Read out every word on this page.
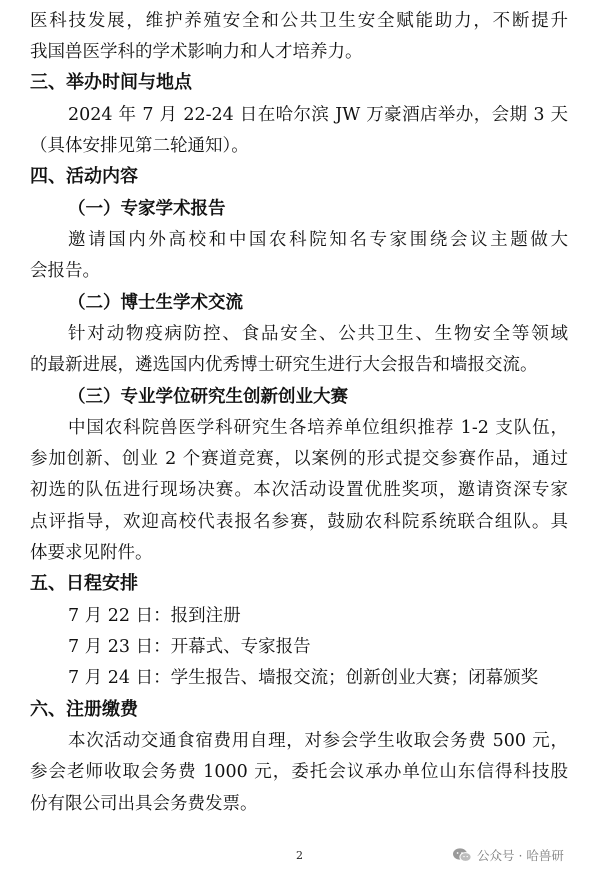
医科技发展，维护养殖安全和公共卫生安全赋能助力，不断提升
我国兽医学科的学术影响力和人才培养力。
三、举办时间与地点
2024 年 7 月 22-24 日在哈尔滨 JW 万豪酒店举办，会期 3 天
（具体安排见第二轮通知）。
四、活动内容
（一）专家学术报告
邀请国内外高校和中国农科院知名专家围绕会议主题做大
会报告。
（二）博士生学术交流
针对动物疫病防控、食品安全、公共卫生、生物安全等领域
的最新进展，遴选国内优秀博士研究生进行大会报告和墙报交流。
（三）专业学位研究生创新创业大赛
中国农科院兽医学科研究生各培养单位组织推荐 1-2 支队伍，
参加创新、创业 2 个赛道竞赛，以案例的形式提交参赛作品，通过
初选的队伍进行现场决赛。本次活动设置优胜奖项，邀请资深专家
点评指导，欢迎高校代表报名参赛，鼓励农科院系统联合组队。具
体要求见附件。
五、日程安排
7 月 22 日：报到注册
7 月 23 日：开幕式、专家报告
7 月 24 日：学生报告、墙报交流；创新创业大赛；闭幕颁奖
六、注册缴费
本次活动交通食宿费用自理，对参会学生收取会务费 500 元，
参会老师收取会务费 1000 元，委托会议承办单位山东信得科技股
份有限公司出具会务费发票。
2	公众号 · 哈兽研
